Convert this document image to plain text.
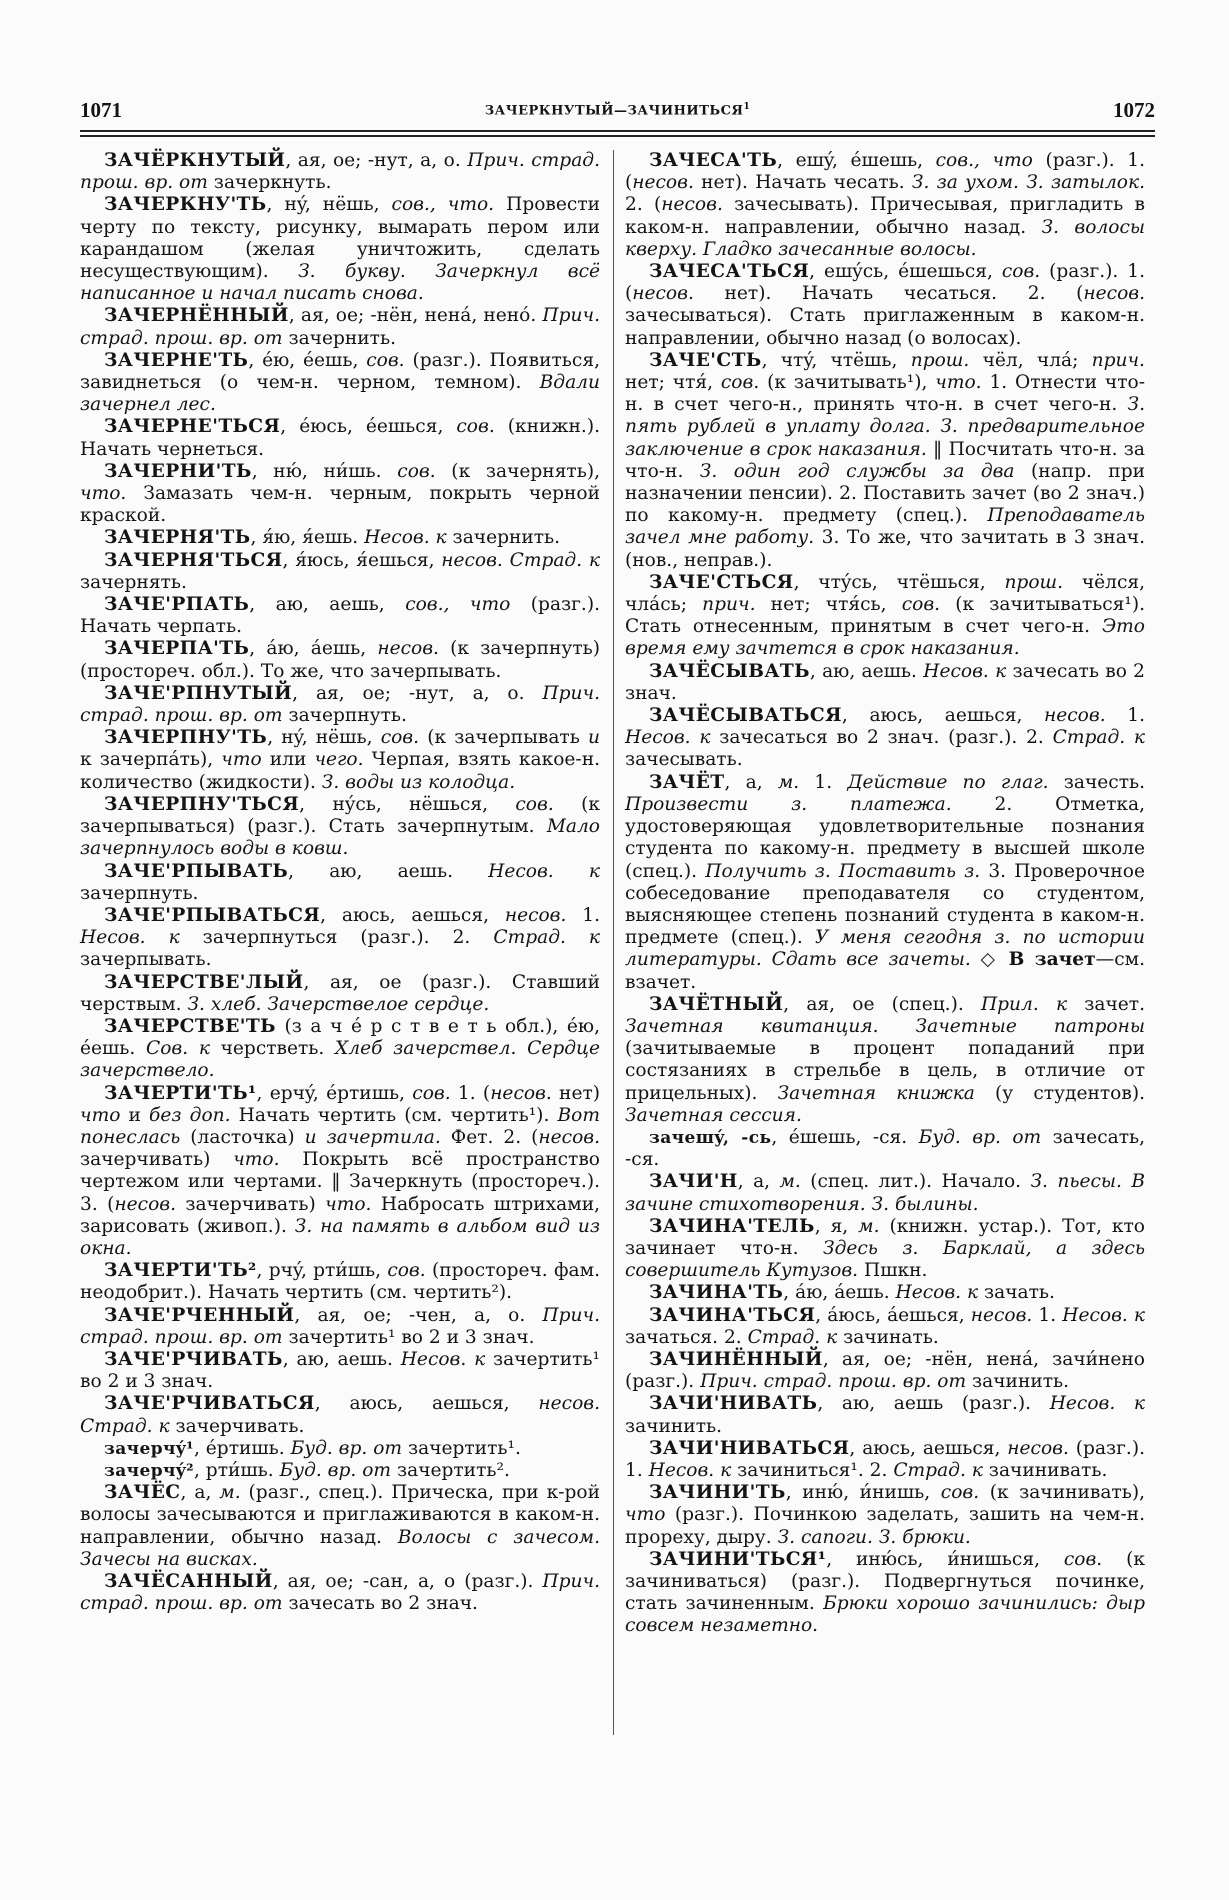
1071	ЗАЧЕРКНУТЫЙ—ЗАЧИНИТЬСЯ$^1$	1072

ЗАЧЁРКНУТЫЙ, ая, ое; -нут, а, о. Прич. страд. прош. вр. от зачеркнуть.

ЗАЧЕРКНУ'ТЬ, нý, нёшь, сов., что. Провести черту по тексту, рисунку, вымарать пером или карандашом (желая уничтожить, сделать несуществующим). З. букву. Зачеркнул всё написанное и начал писать снова.

ЗАЧЕРНЁННЫЙ, ая, ое; -нён, нена́, нено́. Прич. страд. прош. вр. от зачернить.

ЗАЧЕРНЕ'ТЬ, éю, éешь, сов. (разг.). Появиться, завиднеться (о чем-н. черном, темном). Вдали зачернел лес.

ЗАЧЕРНЕ'ТЬСЯ, éюсь, éешься, сов. (книжн.). Начать чернеться.

ЗАЧЕРНИ'ТЬ, ню́, ни́шь. сов. (к зачернять), что. Замазать чем-н. черным, покрыть черной краской.

ЗАЧЕРНЯ'ТЬ, я́ю, я́ешь. Несов. к зачернить.

ЗАЧЕРНЯ'ТЬСЯ, я́юсь, я́ешься, несов. Страд. к зачернять.

ЗАЧЕ'РПАТЬ, аю, аешь, сов., что (разг.). Начать черпать.

ЗАЧЕРПА'ТЬ, а́ю, а́ешь, несов. (к зачерпнуть) (простореч. обл.). То же, что зачерпывать.

ЗАЧЕ'РПНУТЫЙ, ая, ое; -нут, а, о. Прич. страд. прош. вр. от зачерпнуть.

ЗАЧЕРПНУ'ТЬ, нý, нёшь, сов. (к зачерпывать и к зачерпа́ть), что или чего. Черпая, взять какое-н. количество (жидкости). З. воды из колодца.

ЗАЧЕРПНУ'ТЬСЯ, нýсь, нёшься, сов. (к зачерпываться) (разг.). Стать зачерпнутым. Мало зачерпнулось воды в ковш.

ЗАЧЕ'РПЫВАТЬ, аю, аешь. Несов. к зачерпнуть.

ЗАЧЕ'РПЫВАТЬСЯ, аюсь, аешься, несов. 1. Несов. к зачерпнуться (разг.). 2. Страд. к зачерпывать.

ЗАЧЕРСТВЕ'ЛЫЙ, ая, ое (разг.). Ставший черствым. З. хлеб. Зачерствелое сердце.

ЗАЧЕРСТВЕ'ТЬ (з а ч é р с т в е т ь обл.), éю, éешь. Сов. к черстветь. Хлеб зачерствел. Сердце зачерствело.

ЗАЧЕРТИ'ТЬ¹, ерчý, éртишь, сов. 1. (несов. нет) что и без доп. Начать чертить (см. чертить¹). Вот понеслась (ласточка) и зачертила. Фет. 2. (несов. зачерчивать) что. Покрыть всё пространство чертежом или чертами. ‖ Зачеркнуть (простореч.). 3. (несов. зачерчивать) что. Набросать штрихами, зарисовать (живоп.). З. на память в альбом вид из окна.

ЗАЧЕРТИ'ТЬ², рчý, рти́шь, сов. (простореч. фам. неодобрит.). Начать чертить (см. чертить²).

ЗАЧЕ'РЧЕННЫЙ, ая, ое; -чен, а, о. Прич. страд. прош. вр. от зачертить¹ во 2 и 3 знач.

ЗАЧЕ'РЧИВАТЬ, аю, аешь. Несов. к зачертить¹ во 2 и 3 знач.

ЗАЧЕ'РЧИВАТЬСЯ, аюсь, аешься, несов. Страд. к зачерчивать.

зачерчý¹, éртишь. Буд. вр. от зачертить¹.

зачерчý², рти́шь. Буд. вр. от зачертить².

ЗАЧЁС, а, м. (разг., спец.). Прическа, при к-рой волосы зачесываются и приглаживаются в каком-н. направлении, обычно назад. Волосы с зачесом. Зачесы на висках.

ЗАЧЁСАННЫЙ, ая, ое; -сан, а, о (разг.). Прич. страд. прош. вр. от зачесать во 2 знач.

ЗАЧЕСА'ТЬ, ешý, éшешь, сов., что (разг.). 1. (несов. нет). Начать чесать. З. за ухом. З. затылок. 2. (несов. зачесывать). Причесывая, пригладить в каком-н. направлении, обычно назад. З. волосы кверху. Гладко зачесанные волосы.

ЗАЧЕСА'ТЬСЯ, ешýсь, éшешься, сов. (разг.). 1. (несов. нет). Начать чесаться. 2. (несов. зачесываться). Стать приглаженным в каком-н. направлении, обычно назад (о волосах).

ЗАЧЕ'СТЬ, чтý, чтёшь, прош. чёл, чла́; прич. нет; чтя́, сов. (к зачитывать¹), что. 1. Отнести что-н. в счет чего-н., принять что-н. в счет чего-н. З. пять рублей в уплату долга. З. предварительное заключение в срок наказания. ‖ Посчитать что-н. за что-н. З. один год службы за два (напр. при назначении пенсии). 2. Поставить зачет (во 2 знач.) по какому-н. предмету (спец.). Преподаватель зачел мне работу. 3. То же, что зачитать в 3 знач. (нов., неправ.).

ЗАЧЕ'СТЬСЯ, чтýсь, чтёшься, прош. чёлся, чла́сь; прич. нет; чтя́сь, сов. (к зачитываться¹). Стать отнесенным, принятым в счет чего-н. Это время ему зачтется в срок наказания.

ЗАЧЁСЫВАТЬ, аю, аешь. Несов. к зачесать во 2 знач.

ЗАЧЁСЫВАТЬСЯ, аюсь, аешься, несов. 1. Несов. к зачесаться во 2 знач. (разг.). 2. Страд. к зачесывать.

ЗАЧЁТ, а, м. 1. Действие по глаг. зачесть. Произвести з. платежа. 2. Отметка, удостоверяющая удовлетворительные познания студента по какому-н. предмету в высшей школе (спец.). Получить з. Поставить з. 3. Проверочное собеседование преподавателя со студентом, выясняющее степень познаний студента в каком-н. предмете (спец.). У меня сегодня з. по истории литературы. Сдать все зачеты. ◇ В зачет—см. взачет.

ЗАЧЁТНЫЙ, ая, ое (спец.). Прил. к зачет. Зачетная квитанция. Зачетные патроны (зачитываемые в процент попаданий при состязаниях в стрельбе в цель, в отличие от прицельных). Зачетная книжка (у студентов). Зачетная сессия.

зачешý, -сь, éшешь, -ся. Буд. вр. от зачесать, -ся.

ЗАЧИ'Н, а, м. (спец. лит.). Начало. З. пьесы. В зачине стихотворения. З. былины.

ЗАЧИНА'ТЕЛЬ, я, м. (книжн. устар.). Тот, кто зачинает что-н. Здесь з. Барклай, а здесь совершитель Кутузов. Пшкн.

ЗАЧИНА'ТЬ, а́ю, а́ешь. Несов. к зачать.

ЗАЧИНА'ТЬСЯ, а́юсь, а́ешься, несов. 1. Несов. к зачаться. 2. Страд. к зачинать.

ЗАЧИНЁННЫЙ, ая, ое; -нён, нена́, зачи́нено (разг.). Прич. страд. прош. вр. от зачинить.

ЗАЧИ'НИВАТЬ, аю, аешь (разг.). Несов. к зачинить.

ЗАЧИ'НИВАТЬСЯ, аюсь, аешься, несов. (разг.). 1. Несов. к зачиниться¹. 2. Страд. к зачинивать.

ЗАЧИНИ'ТЬ, иню́, и́нишь, сов. (к зачинивать), что (разг.). Починкою заделать, зашить на чем-н. прореху, дыру. З. сапоги. З. брюки.

ЗАЧИНИ'ТЬСЯ¹, иню́сь, и́нишься, сов. (к зачиниваться) (разг.). Подвергнуться починке, стать зачиненным. Брюки хорошо зачинились: дыр совсем незаметно.
